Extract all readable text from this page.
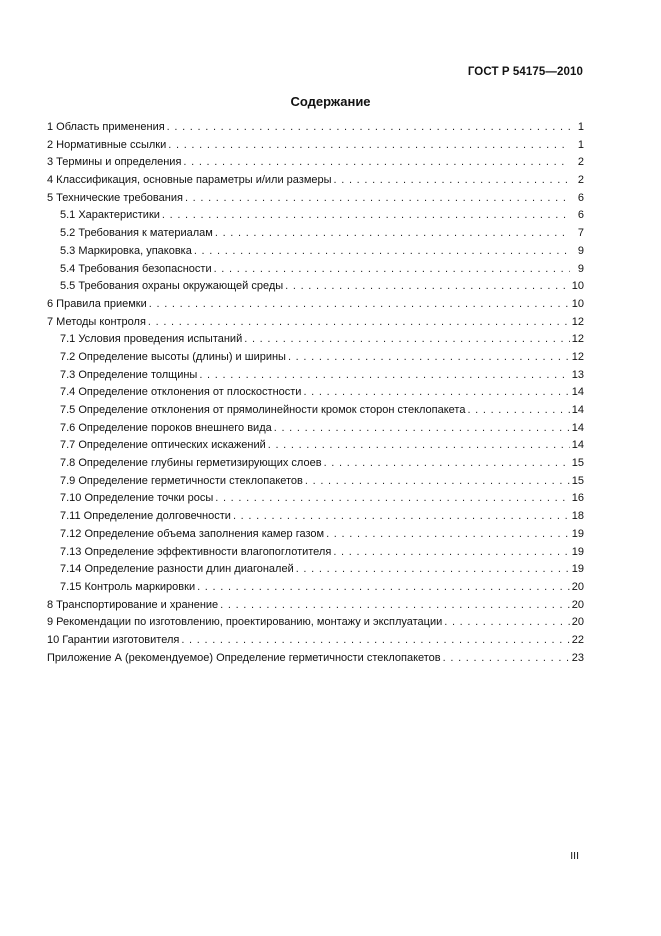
ГОСТ Р 54175—2010
Содержание
1 Область применения . . .	1
2 Нормативные ссылки . . .	1
3 Термины и определения . . .	2
4 Классификация, основные параметры и/или размеры . . .	2
5 Технические требования . . .	6
5.1 Характеристики . . .	6
5.2 Требования к материалам . . .	7
5.3 Маркировка, упаковка . . .	9
5.4 Требования безопасности . . .	9
5.5 Требования охраны окружающей среды . . .	10
6 Правила приемки . . .	10
7 Методы контроля . . .	12
7.1 Условия проведения испытаний . . .	12
7.2 Определение высоты (длины) и ширины . . .	12
7.3 Определение толщины . . .	13
7.4 Определение отклонения от плоскостности . . .	14
7.5 Определение отклонения от прямолинейности кромок сторон стеклопакета . . .	14
7.6 Определение пороков внешнего вида . . .	14
7.7 Определение оптических искажений . . .	14
7.8 Определение глубины герметизирующих слоев . . .	15
7.9 Определение герметичности стеклопакетов . . .	15
7.10 Определение точки росы . . .	16
7.11 Определение долговечности . . .	18
7.12 Определение объема заполнения камер газом . . .	19
7.13 Определение эффективности влагопоглотителя . . .	19
7.14 Определение разности длин диагоналей . . .	19
7.15 Контроль маркировки . . .	20
8 Транспортирование и хранение . . .	20
9 Рекомендации по изготовлению, проектированию, монтажу и эксплуатации . . .	20
10 Гарантии изготовителя . . .	22
Приложение А (рекомендуемое) Определение герметичности стеклопакетов . . .	23
III
